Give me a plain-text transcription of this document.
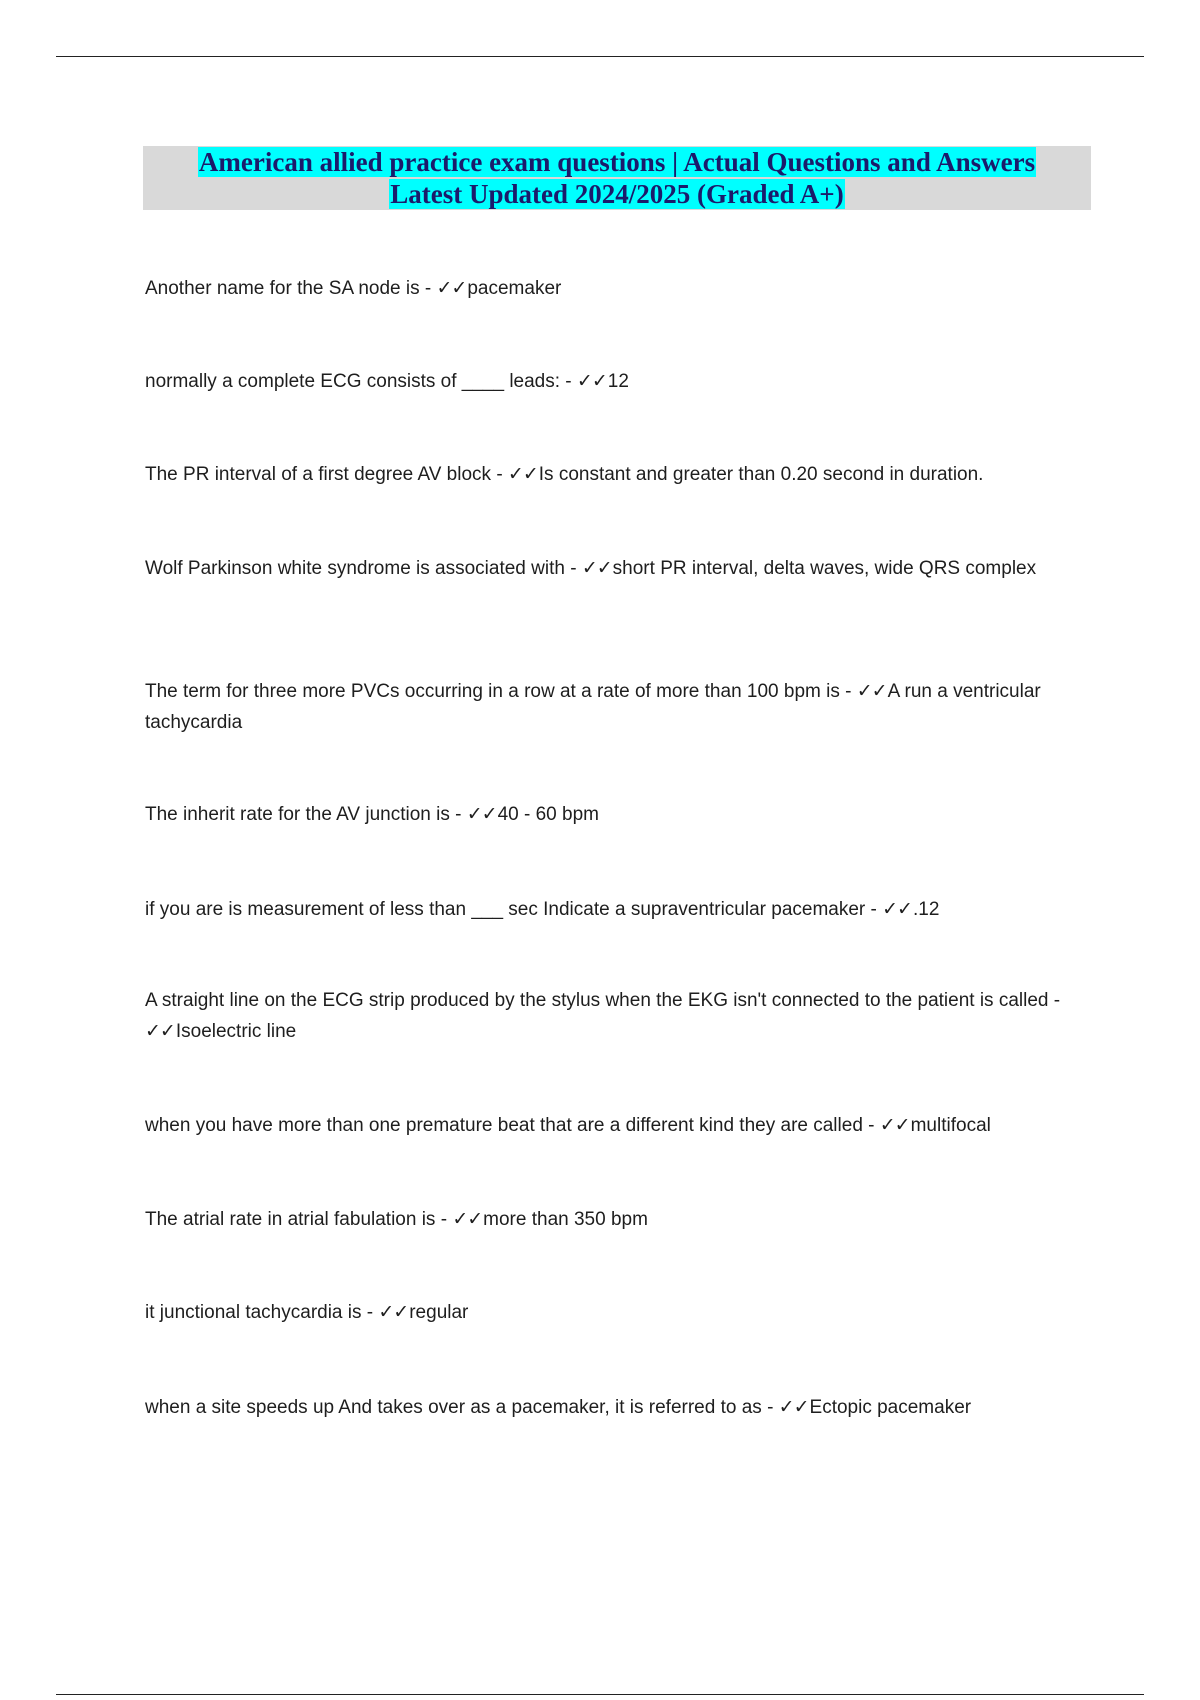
American allied practice exam questions | Actual Questions and Answers
Latest Updated 2024/2025 (Graded A+)
Another name for the SA node is - ✓✓pacemaker
normally a complete ECG consists of ____ leads: - ✓✓12
The PR interval of a first degree AV block - ✓✓Is constant and greater than 0.20 second in duration.
Wolf Parkinson white syndrome is associated with - ✓✓short PR interval, delta waves, wide QRS complex
The term for three more PVCs occurring in a row at a rate of more than 100 bpm is - ✓✓A run a ventricular tachycardia
The inherit rate for the AV junction is - ✓✓40 - 60 bpm
if you are is measurement of less than ___ sec Indicate a supraventricular pacemaker - ✓✓.12
A straight line on the ECG strip produced by the stylus when the EKG isn't connected to the patient is called - ✓✓Isoelectric line
when you have more than one premature beat that are a different kind they are called - ✓✓multifocal
The atrial rate in atrial fabulation is - ✓✓more than 350 bpm
it junctional tachycardia is - ✓✓regular
when a site speeds up And takes over as a pacemaker, it is referred to as - ✓✓Ectopic pacemaker
